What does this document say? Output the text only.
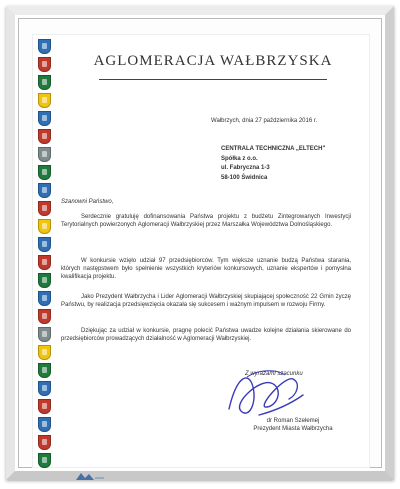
AGLOMERACJA WAŁBRZYSKA
Wałbrzych, dnia 27 października 2016 r.
CENTRALA TECHNICZNA „ELTECH"
Spółka z o.o.
ul. Fabryczna 1-3
58-100 Świdnica
Szanowni Państwo,
Serdecznie gratuluję dofinansowania Państwa projektu z budżetu Zintegrowanych Inwestycji Terytorialnych powierzonych Aglomeracji Wałbrzyskiej przez Marszałka Województwa Dolnośląskiego.
W konkursie wzięło udział 97 przedsiębiorców. Tym większe uznanie budzą Państwa starania, których następstwem było spełnienie wszystkich kryteriów konkursowych, uznanie ekspertów i pomysłna kwalifikacja projektu.
Jako Prezydent Wałbrzycha i Lider Aglomeracji Wałbrzyskiej skupiającej społeczność 22 Gmin życzę Państwu, by realizacja przedsięwzięcia okazała się sukcesem i ważnym impulsem w rozwoju Firmy.
Dziękując za udział w konkursie, pragnę polecić Państwa uwadze kolejne działania skierowane do przedsiębiorców prowadzących działalność w Aglomeracji Wałbrzyskiej.
Z wyrazami szacunku
dr Roman Szełemej
Prezydent Miasta Wałbrzycha
